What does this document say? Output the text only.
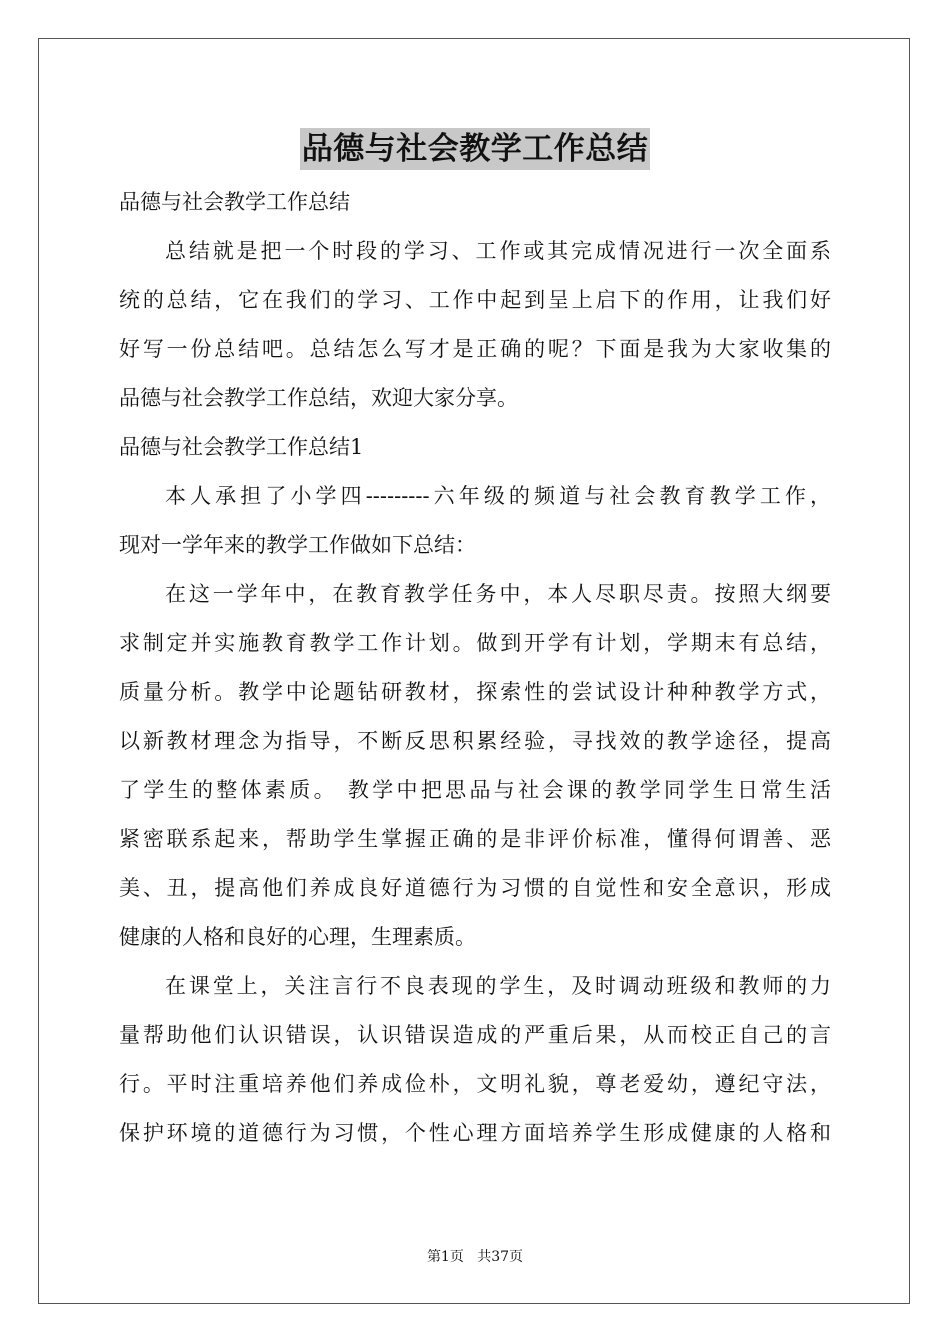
品德与社会教学工作总结

品德与社会教学工作总结

总结就是把一个时段的学习、工作或其完成情况进行一次全面系

统的总结，它在我们的学习、工作中起到呈上启下的作用，让我们好

好写一份总结吧。总结怎么写才是正确的呢？下面是我为大家收集的

品德与社会教学工作总结，欢迎大家分享。

品德与社会教学工作总结1

本人承担了小学四---------六年级的频道与社会教育教学工作，

现对一学年来的教学工作做如下总结：

在这一学年中，在教育教学任务中，本人尽职尽责。按照大纲要

求制定并实施教育教学工作计划。做到开学有计划，学期末有总结，

质量分析。教学中论题钻研教材，探索性的尝试设计种种教学方式，

以新教材理念为指导，不断反思积累经验，寻找效的教学途径，提高

了学生的整体素质。 教学中把思品与社会课的教学同学生日常生活

紧密联系起来，帮助学生掌握正确的是非评价标准，懂得何谓善、恶

美、丑，提高他们养成良好道德行为习惯的自觉性和安全意识，形成

健康的人格和良好的心理，生理素质。

在课堂上，关注言行不良表现的学生，及时调动班级和教师的力

量帮助他们认识错误，认识错误造成的严重后果，从而校正自己的言

行。平时注重培养他们养成俭朴，文明礼貌，尊老爱幼，遵纪守法，

保护环境的道德行为习惯，个性心理方面培养学生形成健康的人格和

第1页 共37页
